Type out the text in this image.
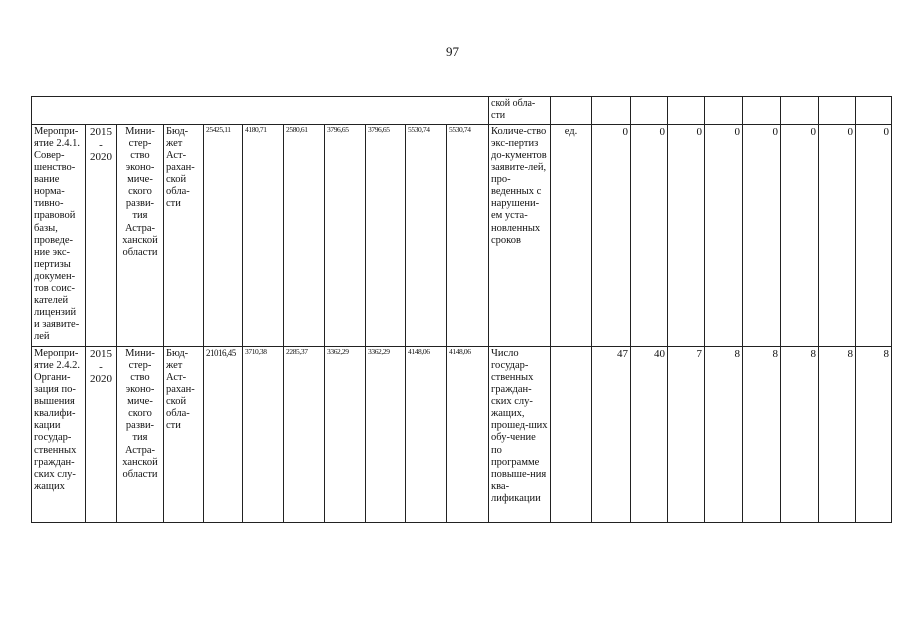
97
											ской обла-сти									
Меропри-ятие 2.4.1. Совер-шенство-вание норма-тивно-правовой базы, проведе-ние экс-пертизы докумен-тов соис-кателей лицензий и заявите-лей	2015 - 2020	Мини-стер-ство эконо-миче-ского разви-тия Астра-ханской области	Бюд-жет Аст-рахан-ской обла-сти	25425,11	4180,71	2580,61	3796,65	3796,65	5530,74	5530,74	Количе-ство экс-пертиз до-кументов заявите-лей, про-веденных с нарушени-ем уста-новленных сроков	ед.	0	0	0	0	0	0	0	0
Меропри-ятие 2.4.2. Органи-зация по-вышения квалифи-кации государ-ственных граждан-ских слу-жащих	2015 - 2020	Мини-стер-ство эконо-миче-ского разви-тия Астра-ханской области	Бюд-жет Аст-рахан-ской обла-сти	21016,45	3710,38	2285,37	3362,29	3362,29	4148,06	4148,06	Число государ-ственных граждан-ских слу-жащих, прошед-ших обу-чение по программе повыше-ния ква-лификации		47	40	7	8	8	8	8	8
